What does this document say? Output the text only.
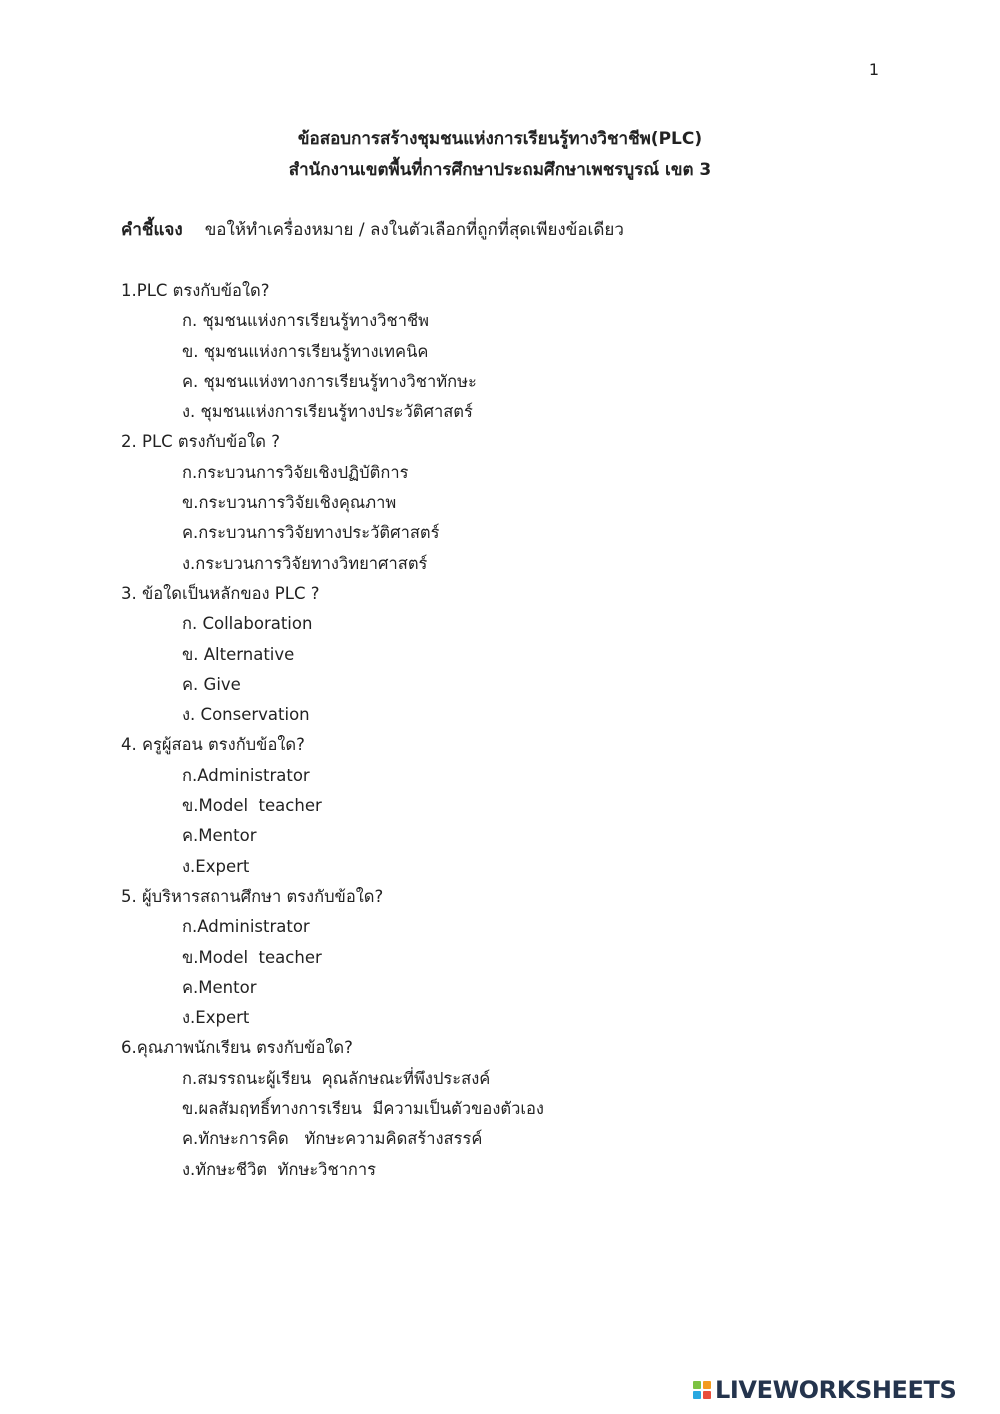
1
ข้อสอบการสร้างชุมชนแห่งการเรียนรู้ทางวิชาชีพ(PLC)
สำนักงานเขตพื้นที่การศึกษาประถมศึกษาเพชรบูรณ์ เขต 3
คำชี้แจง ขอให้ทำเครื่องหมาย / ลงในตัวเลือกที่ถูกที่สุดเพียงข้อเดียว
1.PLC ตรงกับข้อใด?
ก. ชุมชนแห่งการเรียนรู้ทางวิชาชีพ
ข. ชุมชนแห่งการเรียนรู้ทางเทคนิค
ค. ชุมชนแห่งทางการเรียนรู้ทางวิชาทักษะ
ง. ชุมชนแห่งการเรียนรู้ทางประวัติศาสตร์
2. PLC ตรงกับข้อใด ?
ก.กระบวนการวิจัยเชิงปฏิบัติการ
ข.กระบวนการวิจัยเชิงคุณภาพ
ค.กระบวนการวิจัยทางประวัติศาสตร์
ง.กระบวนการวิจัยทางวิทยาศาสตร์
3. ข้อใดเป็นหลักของ PLC ?
ก. Collaboration
ข. Alternative
ค. Give
ง. Conservation
4. ครูผู้สอน ตรงกับข้อใด?
ก.Administrator
ข.Model  teacher
ค.Mentor
ง.Expert
5. ผู้บริหารสถานศึกษา ตรงกับข้อใด?
ก.Administrator
ข.Model  teacher
ค.Mentor
ง.Expert
6.คุณภาพนักเรียน ตรงกับข้อใด?
ก.สมรรถนะผู้เรียน  คุณลักษณะที่พึงประสงค์
ข.ผลสัมฤทธิ์ทางการเรียน  มีความเป็นตัวของตัวเอง
ค.ทักษะการคิด   ทักษะความคิดสร้างสรรค์
ง.ทักษะชีวิต  ทักษะวิชาการ
LIVEWORKSHEETS
